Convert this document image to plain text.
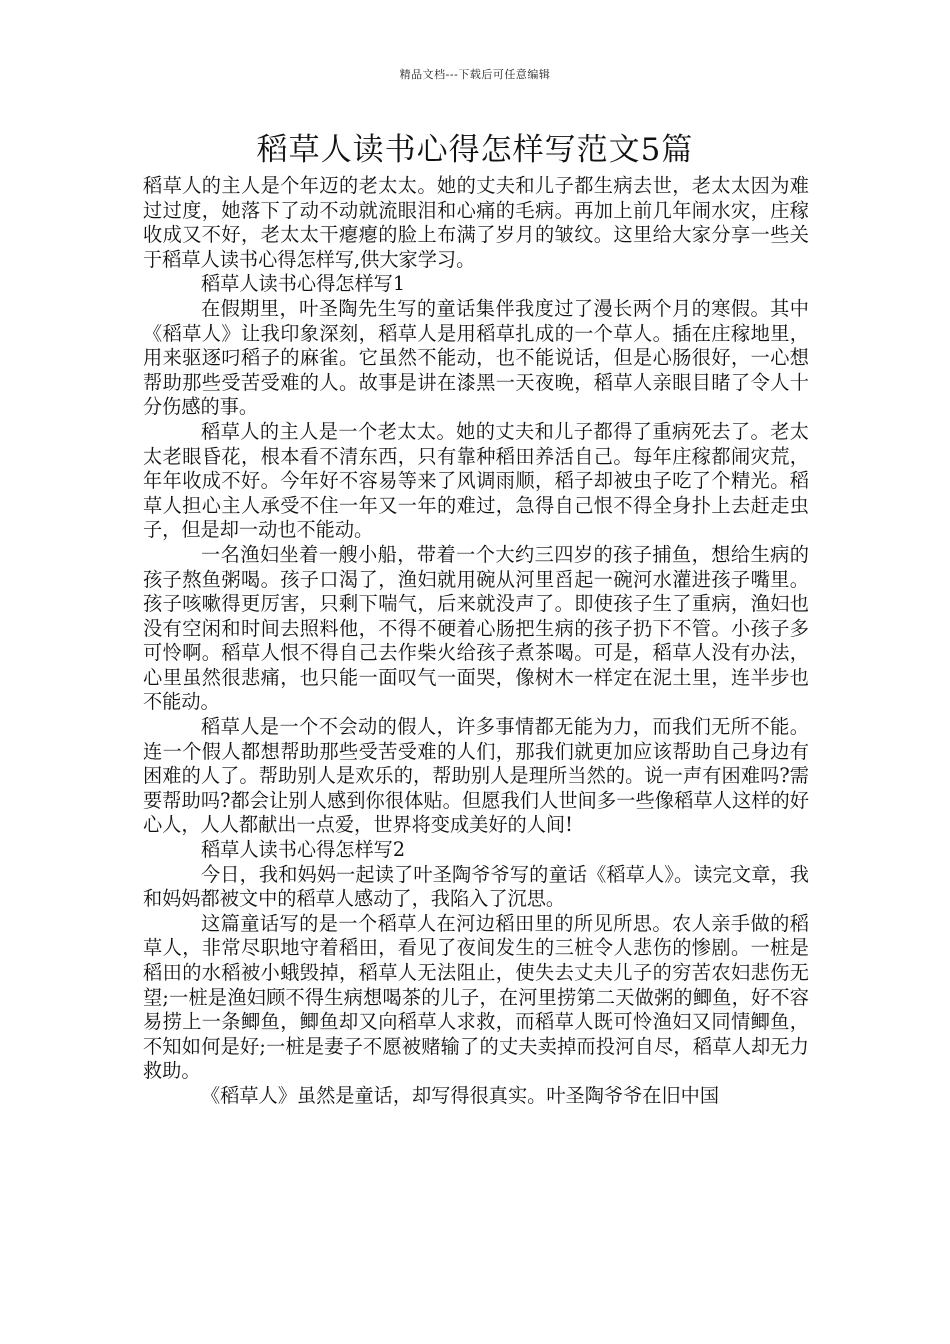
精品文档---下载后可任意编辑
稻草人读书心得怎样写范文5篇

稻草人的主人是个年迈的老太太。她的丈夫和儿子都生病去世，老太太因为难过过度，她落下了动不动就流眼泪和心痛的毛病。再加上前几年闹水灾，庄稼收成又不好，老太太干瘪瘪的脸上布满了岁月的皱纹。这里给大家分享一些关于稻草人读书心得怎样写,供大家学习。

稻草人读书心得怎样写1

在假期里，叶圣陶先生写的童话集伴我度过了漫长两个月的寒假。其中《稻草人》让我印象深刻，稻草人是用稻草扎成的一个草人。插在庄稼地里，用来驱逐叼稻子的麻雀。它虽然不能动，也不能说话，但是心肠很好，一心想帮助那些受苦受难的人。故事是讲在漆黑一天夜晚，稻草人亲眼目睹了令人十分伤感的事。

稻草人的主人是一个老太太。她的丈夫和儿子都得了重病死去了。老太太老眼昏花，根本看不清东西，只有靠种稻田养活自己。每年庄稼都闹灾荒，年年收成不好。今年好不容易等来了风调雨顺，稻子却被虫子吃了个精光。稻草人担心主人承受不住一年又一年的难过，急得自己恨不得全身扑上去赶走虫子，但是却一动也不能动。

一名渔妇坐着一艘小船，带着一个大约三四岁的孩子捕鱼，想给生病的孩子熬鱼粥喝。孩子口渴了，渔妇就用碗从河里舀起一碗河水灌进孩子嘴里。孩子咳嗽得更厉害，只剩下喘气，后来就没声了。即使孩子生了重病，渔妇也没有空闲和时间去照料他，不得不硬着心肠把生病的孩子扔下不管。小孩子多可怜啊。稻草人恨不得自己去作柴火给孩子煮茶喝。可是，稻草人没有办法，心里虽然很悲痛，也只能一面叹气一面哭，像树木一样定在泥土里，连半步也不能动。

稻草人是一个不会动的假人，许多事情都无能为力，而我们无所不能。连一个假人都想帮助那些受苦受难的人们，那我们就更加应该帮助自己身边有困难的人了。帮助别人是欢乐的，帮助别人是理所当然的。说一声有困难吗?需要帮助吗?都会让别人感到你很体贴。但愿我们人世间多一些像稻草人这样的好心人，人人都献出一点爱，世界将变成美好的人间!

稻草人读书心得怎样写2

今日，我和妈妈一起读了叶圣陶爷爷写的童话《稻草人》。读完文章，我和妈妈都被文中的稻草人感动了，我陷入了沉思。

这篇童话写的是一个稻草人在河边稻田里的所见所思。农人亲手做的稻草人，非常尽职地守着稻田，看见了夜间发生的三桩令人悲伤的惨剧。一桩是稻田的水稻被小蛾毁掉，稻草人无法阻止，使失去丈夫儿子的穷苦农妇悲伤无望;一桩是渔妇顾不得生病想喝茶的儿子，在河里捞第二天做粥的鲫鱼，好不容易捞上一条鲫鱼，鲫鱼却又向稻草人求救，而稻草人既可怜渔妇又同情鲫鱼，不知如何是好;一桩是妻子不愿被赌输了的丈夫卖掉而投河自尽，稻草人却无力救助。

《稻草人》虽然是童话，却写得很真实。叶圣陶爷爷在旧中国
